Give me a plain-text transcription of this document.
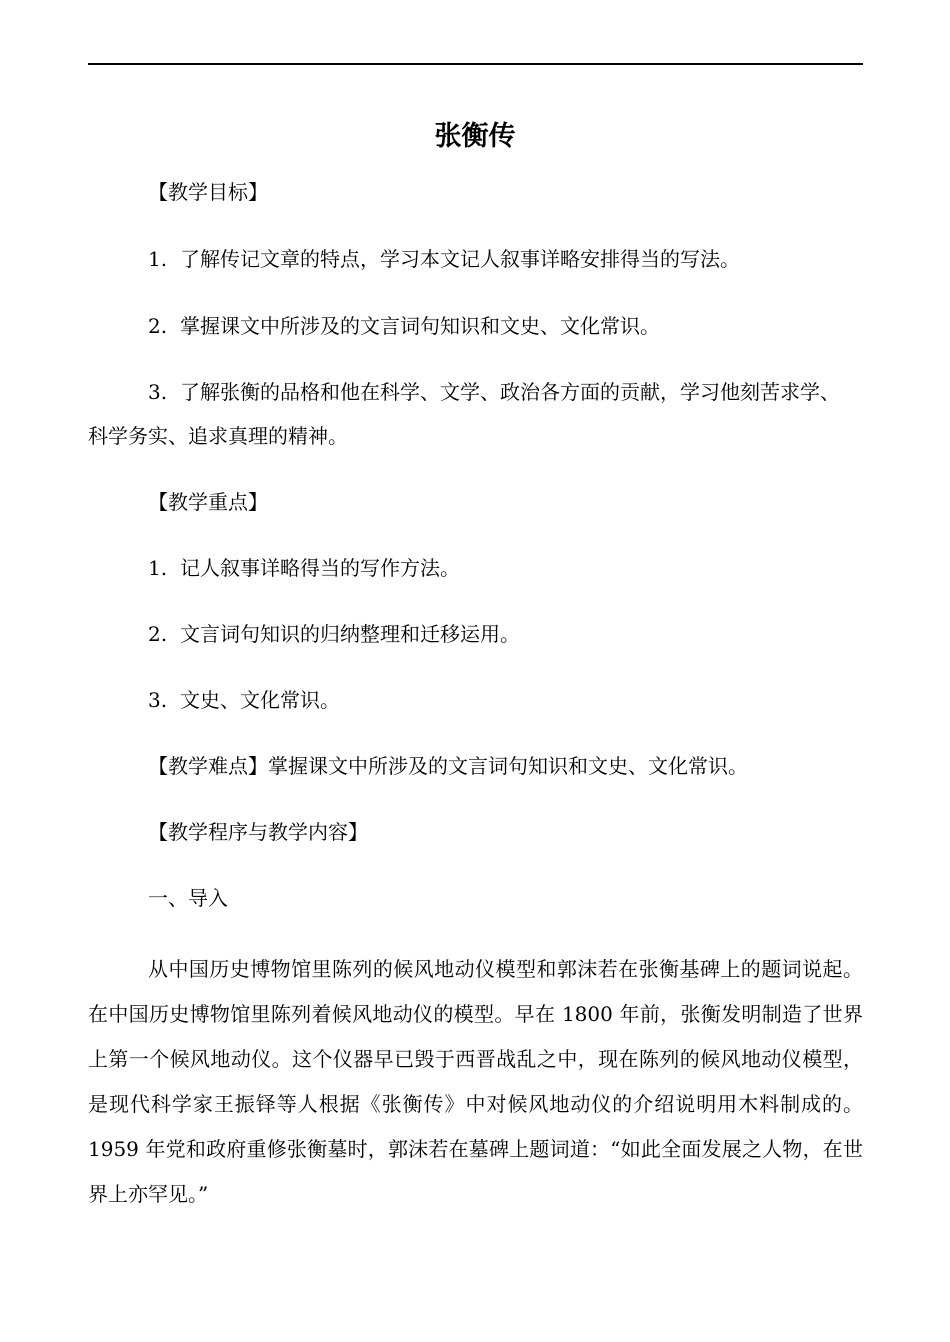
张衡传
【教学目标】
1. 了解传记文章的特点，学习本文记人叙事详略安排得当的写法。
2. 掌握课文中所涉及的文言词句知识和文史、文化常识。
3. 了解张衡的品格和他在科学、文学、政治各方面的贡献，学习他刻苦求学、
科学务实、追求真理的精神。
【教学重点】
1. 记人叙事详略得当的写作方法。
2. 文言词句知识的归纳整理和迁移运用。
3. 文史、文化常识。
【教学难点】掌握课文中所涉及的文言词句知识和文史、文化常识。
【教学程序与教学内容】
一、导入
从中国历史博物馆里陈列的候风地动仪模型和郭沫若在张衡基碑上的题词说起。 在中国历史博物馆里陈列着候风地动仪的模型。早在 1800 年前，张衡发明制造了世界上第一个候风地动仪。这个仪器早已毁于西晋战乱之中，现在陈列的候风地动仪模型，是现代科学家王振铎等人根据《张衡传》中对候风地动仪的介绍说明用木料制成的。 1959 年党和政府重修张衡墓时，郭沫若在墓碑上题词道：“如此全面发展之人物，在世界上亦罕见。”
